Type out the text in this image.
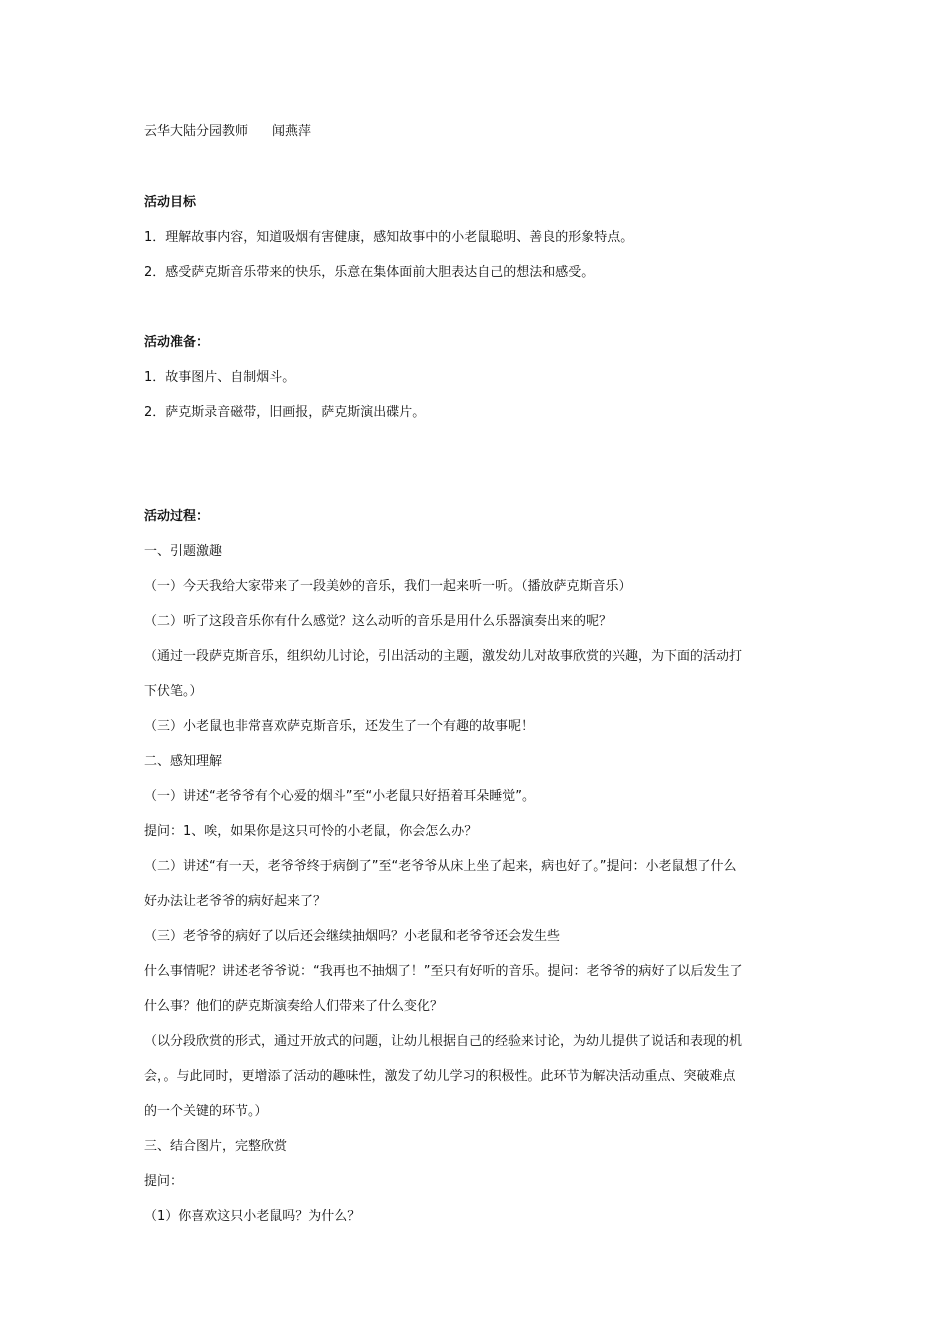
云华大陆分园教师 闻燕萍
活动目标
1．理解故事内容，知道吸烟有害健康，感知故事中的小老鼠聪明、善良的形象特点。
2．感受萨克斯音乐带来的快乐，乐意在集体面前大胆表达自己的想法和感受。
活动准备：
1．故事图片、自制烟斗。
2．萨克斯录音磁带，旧画报，萨克斯演出碟片。
活动过程：
一、引题激趣
（一）今天我给大家带来了一段美妙的音乐，我们一起来听一听。（播放萨克斯音乐）
（二）听了这段音乐你有什么感觉？这么动听的音乐是用什么乐器演奏出来的呢？
（通过一段萨克斯音乐，组织幼儿讨论，引出活动的主题，激发幼儿对故事欣赏的兴趣，为下面的活动打
下伏笔。）
（三）小老鼠也非常喜欢萨克斯音乐，还发生了一个有趣的故事呢！
二、感知理解
（一）讲述“老爷爷有个心爱的烟斗”至“小老鼠只好捂着耳朵睡觉”。
提问：1、唉，如果你是这只可怜的小老鼠，你会怎么办？
（二）讲述“有一天，老爷爷终于病倒了”至“老爷爷从床上坐了起来，病也好了。”提问：小老鼠想了什么
好办法让老爷爷的病好起来了？
（三）老爷爷的病好了以后还会继续抽烟吗？小老鼠和老爷爷还会发生些
什么事情呢？讲述老爷爷说：“我再也不抽烟了！”至只有好听的音乐。提问：老爷爷的病好了以后发生了
什么事？他们的萨克斯演奏给人们带来了什么变化？
（以分段欣赏的形式，通过开放式的问题，让幼儿根据自己的经验来讨论，为幼儿提供了说话和表现的机
会，。与此同时，更增添了活动的趣味性，激发了幼儿学习的积极性。此环节为解决活动重点、突破难点
的一个关键的环节。）
三、结合图片，完整欣赏
提问：
（1）你喜欢这只小老鼠吗？为什么？
